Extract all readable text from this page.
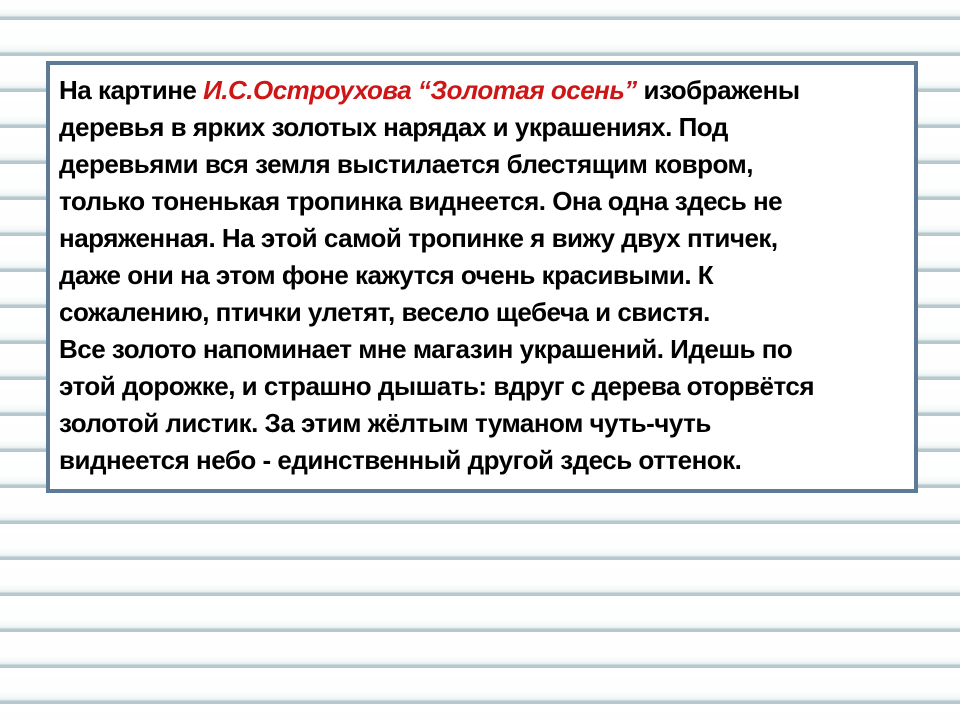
На картине И.С.Остроухова “Золотая осень” изображены
деревья в ярких золотых нарядах и украшениях. Под
деревьями вся земля выстилается блестящим ковром,
только тоненькая тропинка виднеется. Она одна здесь не
наряженная. На этой самой тропинке я вижу двух птичек,
даже они на этом фоне кажутся очень красивыми. К
сожалению, птички улетят, весело щебеча и свистя.
Все золото напоминает мне магазин украшений. Идешь по
этой дорожке, и страшно дышать: вдруг с дерева оторвётся
золотой листик. За этим жёлтым туманом чуть-чуть
виднеется небо - единственный другой здесь оттенок.
